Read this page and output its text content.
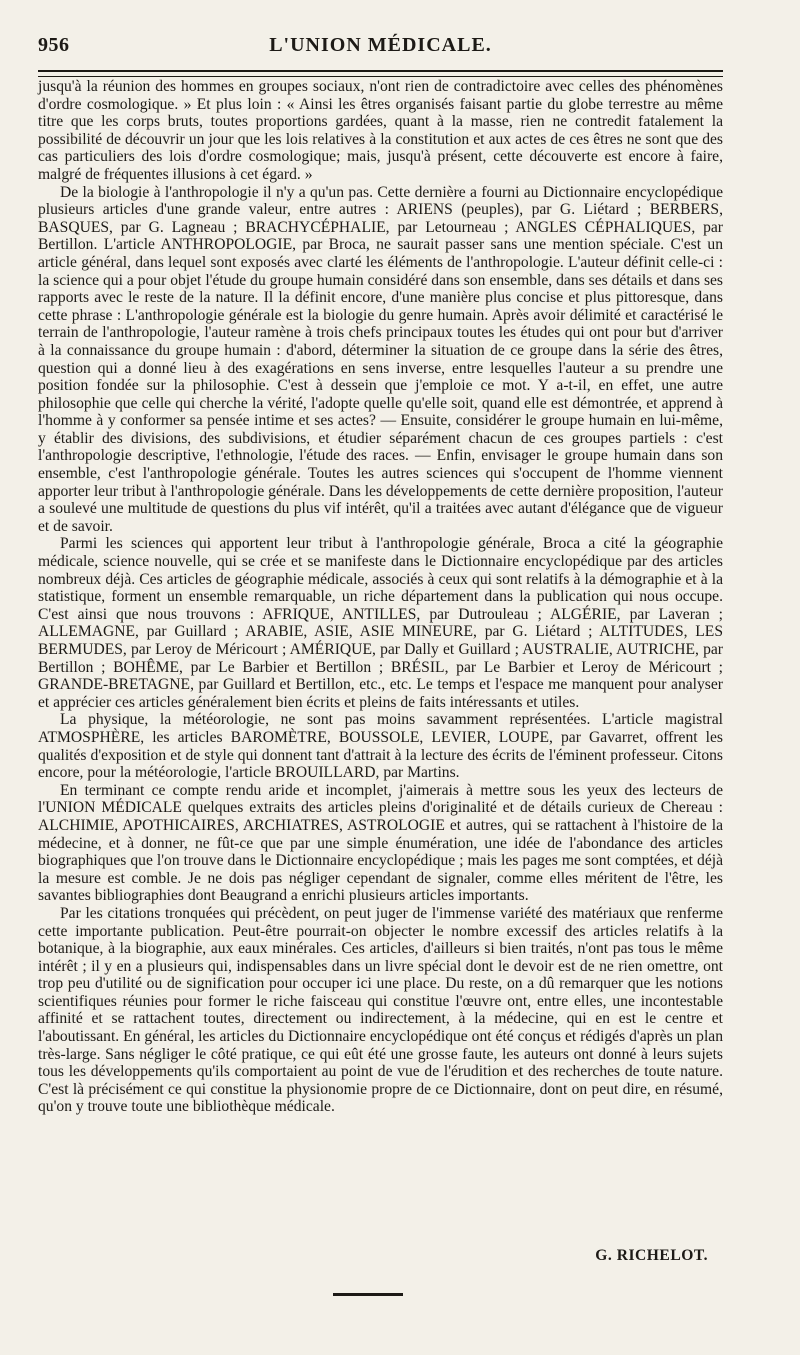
956	L'UNION MÉDICALE.

jusqu'à la réunion des hommes en groupes sociaux, n'ont rien de contradictoire avec celles des phénomènes d'ordre cosmologique. » Et plus loin : « Ainsi les êtres organisés faisant partie du globe terrestre au même titre que les corps bruts, toutes proportions gardées, quant à la masse, rien ne contredit fatalement la possibilité de découvrir un jour que les lois relatives à la constitution et aux actes de ces êtres ne sont que des cas particuliers des lois d'ordre cosmologique; mais, jusqu'à présent, cette découverte est encore à faire, malgré de fréquentes illusions à cet égard. »

De la biologie à l'anthropologie il n'y a qu'un pas. Cette dernière a fourni au Dictionnaire encyclopédique plusieurs articles d'une grande valeur, entre autres : ARIENS (peuples), par G. Liétard ; BERBERS, BASQUES, par G. Lagneau ; BRACHYCÉPHALIE, par Letourneau ; ANGLES CÉPHALIQUES, par Bertillon. L'article ANTHROPOLOGIE, par Broca, ne saurait passer sans une mention spéciale. C'est un article général, dans lequel sont exposés avec clarté les éléments de l'anthropologie. L'auteur définit celle-ci : la science qui a pour objet l'étude du groupe humain considéré dans son ensemble, dans ses détails et dans ses rapports avec le reste de la nature. Il la définit encore, d'une manière plus concise et plus pittoresque, dans cette phrase : L'anthropologie générale est la biologie du genre humain. Après avoir délimité et caractérisé le terrain de l'anthropologie, l'auteur ramène à trois chefs principaux toutes les études qui ont pour but d'arriver à la connaissance du groupe humain : d'abord, déterminer la situation de ce groupe dans la série des êtres, question qui a donné lieu à des exagérations en sens inverse, entre lesquelles l'auteur a su prendre une position fondée sur la philosophie. C'est à dessein que j'emploie ce mot. Y a-t-il, en effet, une autre philosophie que celle qui cherche la vérité, l'adopte quelle qu'elle soit, quand elle est démontrée, et apprend à l'homme à y conformer sa pensée intime et ses actes? — Ensuite, considérer le groupe humain en lui-même, y établir des divisions, des subdivisions, et étudier séparément chacun de ces groupes partiels : c'est l'anthropologie descriptive, l'ethnologie, l'étude des races. — Enfin, envisager le groupe humain dans son ensemble, c'est l'anthropologie générale. Toutes les autres sciences qui s'occupent de l'homme viennent apporter leur tribut à l'anthropologie générale. Dans les développements de cette dernière proposition, l'auteur a soulevé une multitude de questions du plus vif intérêt, qu'il a traitées avec autant d'élégance que de vigueur et de savoir.

Parmi les sciences qui apportent leur tribut à l'anthropologie générale, Broca a cité la géographie médicale, science nouvelle, qui se crée et se manifeste dans le Dictionnaire encyclopédique par des articles nombreux déjà. Ces articles de géographie médicale, associés à ceux qui sont relatifs à la démographie et à la statistique, forment un ensemble remarquable, un riche département dans la publication qui nous occupe. C'est ainsi que nous trouvons : AFRIQUE, ANTILLES, par Dutrouleau ; ALGÉRIE, par Laveran ; ALLEMAGNE, par Guillard ; ARABIE, ASIE, ASIE MINEURE, par G. Liétard ; ALTITUDES, LES BERMUDES, par Leroy de Méricourt ; AMÉRIQUE, par Dally et Guillard ; AUSTRALIE, AUTRICHE, par Bertillon ; BOHÊME, par Le Barbier et Bertillon ; BRÉSIL, par Le Barbier et Leroy de Méricourt ; GRANDE-BRETAGNE, par Guillard et Bertillon, etc., etc. Le temps et l'espace me manquent pour analyser et apprécier ces articles généralement bien écrits et pleins de faits intéressants et utiles.

La physique, la météorologie, ne sont pas moins savamment représentées. L'article magistral ATMOSPHÈRE, les articles BAROMÈTRE, BOUSSOLE, LEVIER, LOUPE, par Gavarret, offrent les qualités d'exposition et de style qui donnent tant d'attrait à la lecture des écrits de l'éminent professeur. Citons encore, pour la météorologie, l'article BROUILLARD, par Martins.

En terminant ce compte rendu aride et incomplet, j'aimerais à mettre sous les yeux des lecteurs de l'UNION MÉDICALE quelques extraits des articles pleins d'originalité et de détails curieux de Chereau : ALCHIMIE, APOTHICAIRES, ARCHIATRES, ASTROLOGIE et autres, qui se rattachent à l'histoire de la médecine, et à donner, ne fût-ce que par une simple énumération, une idée de l'abondance des articles biographiques que l'on trouve dans le Dictionnaire encyclopédique ; mais les pages me sont comptées, et déjà la mesure est comble. Je ne dois pas négliger cependant de signaler, comme elles méritent de l'être, les savantes bibliographies dont Beaugrand a enrichi plusieurs articles importants.

Par les citations tronquées qui précèdent, on peut juger de l'immense variété des matériaux que renferme cette importante publication. Peut-être pourrait-on objecter le nombre excessif des articles relatifs à la botanique, à la biographie, aux eaux minérales. Ces articles, d'ailleurs si bien traités, n'ont pas tous le même intérêt ; il y en a plusieurs qui, indispensables dans un livre spécial dont le devoir est de ne rien omettre, ont trop peu d'utilité ou de signification pour occuper ici une place. Du reste, on a dû remarquer que les notions scientifiques réunies pour former le riche faisceau qui constitue l'œuvre ont, entre elles, une incontestable affinité et se rattachent toutes, directement ou indirectement, à la médecine, qui en est le centre et l'aboutissant. En général, les articles du Dictionnaire encyclopédique ont été conçus et rédigés d'après un plan très-large. Sans négliger le côté pratique, ce qui eût été une grosse faute, les auteurs ont donné à leurs sujets tous les développements qu'ils comportaient au point de vue de l'érudition et des recherches de toute nature. C'est là précisément ce qui constitue la physionomie propre de ce Dictionnaire, dont on peut dire, en résumé, qu'on y trouve toute une bibliothèque médicale.

G. RICHELOT.
